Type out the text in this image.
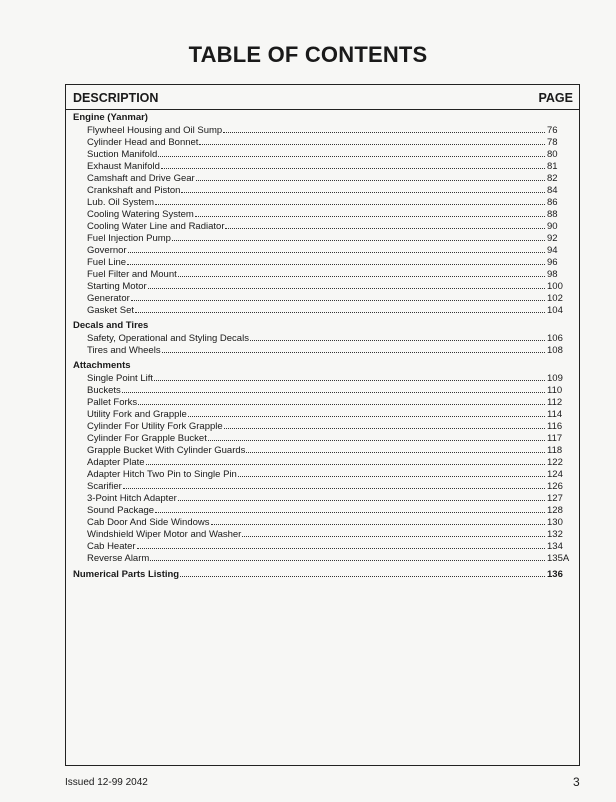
TABLE OF CONTENTS
DESCRIPTION	PAGE
Engine (Yanmar)
Flywheel Housing and Oil Sump	76
Cylinder Head and Bonnet	78
Suction Manifold	80
Exhaust Manifold	81
Camshaft and Drive Gear	82
Crankshaft and Piston	84
Lub. Oil System	86
Cooling Watering System	88
Cooling Water Line and Radiator	90
Fuel Injection Pump	92
Governor	94
Fuel Line	96
Fuel Filter and Mount	98
Starting Motor	100
Generator	102
Gasket Set	104
Decals and Tires
Safety, Operational and Styling Decals	106
Tires and Wheels	108
Attachments
Single Point Lift	109
Buckets	110
Pallet Forks	112
Utility Fork and Grapple	114
Cylinder For Utility Fork Grapple	116
Cylinder For Grapple Bucket	117
Grapple Bucket With Cylinder Guards	118
Adapter Plate	122
Adapter Hitch Two Pin to Single Pin	124
Scarifier	126
3-Point Hitch Adapter	127
Sound Package	128
Cab Door And Side Windows	130
Windshield Wiper Motor and Washer	132
Cab Heater	134
Reverse Alarm	135A
Numerical Parts Listing	136
Issued 12-99 2042	3
